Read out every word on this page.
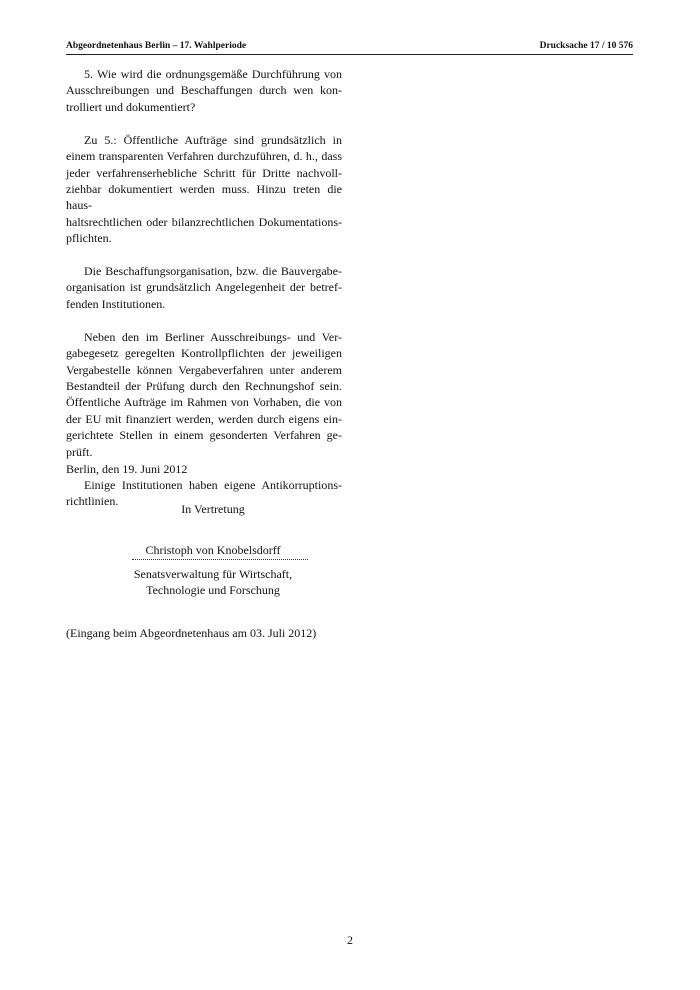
Abgeordnetenhaus Berlin – 17. Wahlperiode	Drucksache 17 / 10 576

5. Wie wird die ordnungsgemäße Durchführung von
Ausschreibungen und Beschaffungen durch wen kon-
trolliert und dokumentiert?

Zu 5.: Öffentliche Aufträge sind grundsätzlich in
einem transparenten Verfahren durchzuführen, d. h., dass
jeder verfahrenserhebliche Schritt für Dritte nachvoll-
ziehbar dokumentiert werden muss. Hinzu treten die haus-
haltsrechtlichen oder bilanzrechtlichen Dokumentations-
pflichten.

Die Beschaffungsorganisation, bzw. die Bauvergabe-
organisation ist grundsätzlich Angelegenheit der betref-
fenden Institutionen.

Neben den im Berliner Ausschreibungs- und Ver-
gabegesetz geregelten Kontrollpflichten der jeweiligen
Vergabestelle können Vergabeverfahren unter anderem
Bestandteil der Prüfung durch den Rechnungshof sein.
Öffentliche Aufträge im Rahmen von Vorhaben, die von
der EU mit finanziert werden, werden durch eigens ein-
gerichtete Stellen in einem gesonderten Verfahren ge-
prüft.

Einige Institutionen haben eigene Antikorruptions-
richtlinien.

Berlin, den 19. Juni 2012
In Vertretung
Christoph von Knobelsdorff
Senatsverwaltung für Wirtschaft,
Technologie und Forschung
(Eingang beim Abgeordnetenhaus am 03. Juli 2012)
2
